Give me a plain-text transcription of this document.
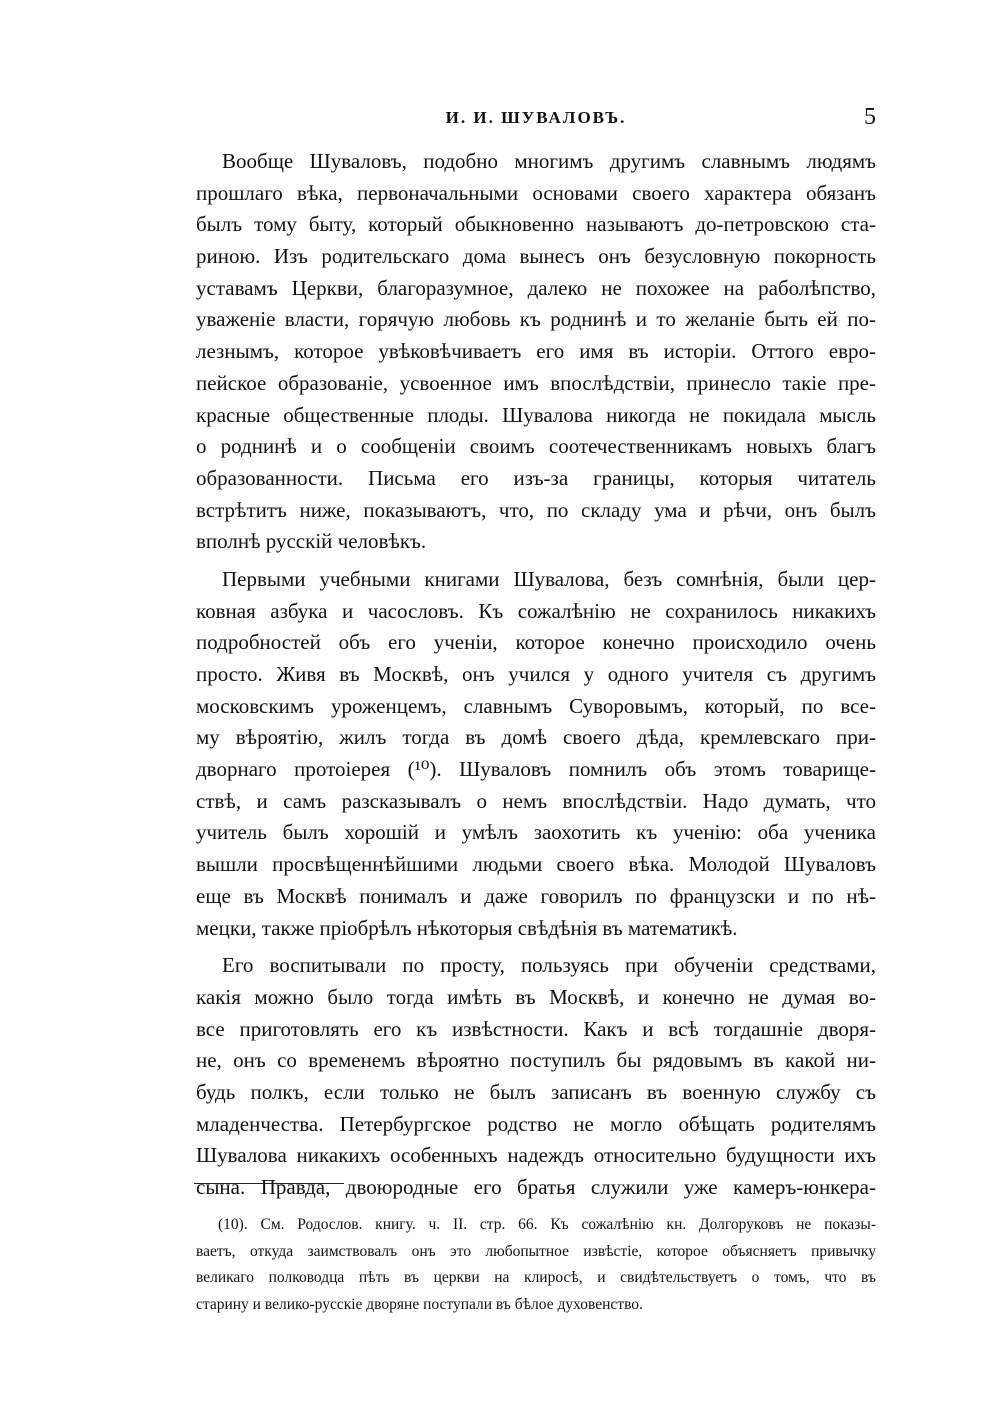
И. И. ШУВАЛОВЪ.	5
Вообще Шуваловъ, подобно многимъ другимъ славнымъ людямъ
прошлаго вѣка, первоначальными основами своего характера обязанъ
былъ тому быту, который обыкновенно называютъ до-петровскою ста-
риною. Изъ родительскаго дома вынесъ онъ безусловную покорность
уставамъ Церкви, благоразумное, далеко не похожее на раболѣпство,
уваженіе власти, горячую любовь къ роднинѣ и то желаніе быть ей по-
лезнымъ, которое увѣковѣчиваетъ его имя въ исторіи. Оттого евро-
пейское образованіе, усвоенное имъ впослѣдствіи, принесло такіе пре-
красные общественные плоды. Шувалова никогда не покидала мысль
о роднинѣ и о сообщеніи своимъ соотечественникамъ новыхъ благъ
образованности. Письма его изъ-за границы, которыя читатель
встрѣтитъ ниже, показываютъ, что, по складу ума и рѣчи, онъ былъ
вполнѣ русскій человѣкъ.
Первыми учебными книгами Шувалова, безъ сомнѣнія, были цер-
ковная азбука и часословъ. Къ сожалѣнію не сохранилось никакихъ
подробностей объ его ученіи, которое конечно происходило очень
просто. Живя въ Москвѣ, онъ учился у одного учителя съ другимъ
московскимъ уроженцемъ, славнымъ Суворовымъ, который, по все-
му вѣроятію, жилъ тогда въ домѣ своего дѣда, кремлевскаго при-
дворнаго протоіерея (¹⁰). Шуваловъ помнилъ объ этомъ товарище-
ствѣ, и самъ разсказывалъ о немъ впослѣдствіи. Надо думать, что
учитель былъ хорошій и умѣлъ заохотить къ ученію: оба ученика
вышли просвѣщеннѣйшими людьми своего вѣка. Молодой Шуваловъ
еще въ Москвѣ понималъ и даже говорилъ по французски и по нѣ-
мецки, также пріобрѣлъ нѣкоторыя свѣдѣнія въ математикѣ.
Его воспитывали по просту, пользуясь при обученіи средствами,
какія можно было тогда имѣть въ Москвѣ, и конечно не думая во-
все приготовлять его къ извѣстности. Какъ и всѣ тогдашніе дворя-
не, онъ со временемъ вѣроятно поступилъ бы рядовымъ въ какой ни-
будь полкъ, если только не былъ записанъ въ военную службу съ
младенчества. Петербургское родство не могло обѣщать родителямъ
Шувалова никакихъ особенныхъ надеждъ относительно будущности ихъ
сына. Правда, двоюродные его братья служили уже камеръ-юнкера-
(10). См. Родослов. книгу. ч. II. стр. 66. Къ сожалѣнію кн. Долгоруковъ не показы-
ваетъ, откуда заимствовалъ онъ это любопытное извѣстіе, которое объясняетъ привычку
великаго полководца пѣть въ церкви на клиросѣ, и свидѣтельствуетъ о томъ, что въ
старину и велико-русскіе дворяне поступали въ бѣлое духовенство.
